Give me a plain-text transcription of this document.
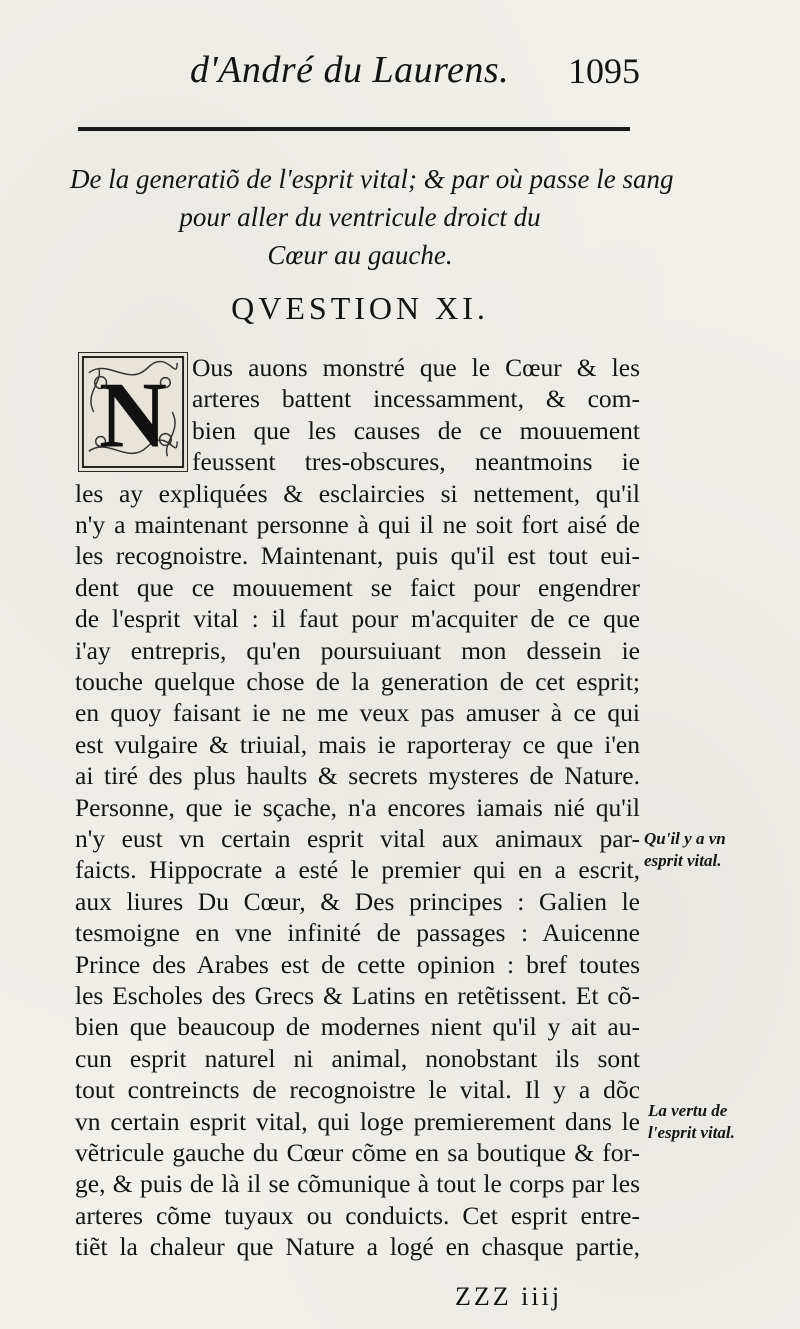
d'André du Laurens. 1095
De la generatiõ de l'esprit vital; & par où passe le sang
pour aller du ventricule droict du
Cœur au gauche.
QVESTION XI.
N Ous auons monstré que le Cœur & les
arteres battent incessamment, & com-
bien que les causes de ce mouuement
feussent tres-obscures, neantmoins ie
les ay expliquées & esclaircies si nettement, qu'il
n'y a maintenant personne à qui il ne soit fort aisé de
les recognoistre. Maintenant, puis qu'il est tout eui-
dent que ce mouuement se faict pour engendrer
de l'esprit vital : il faut pour m'acquiter de ce que
i'ay entrepris, qu'en poursuiuant mon dessein ie
touche quelque chose de la generation de cet esprit;
en quoy faisant ie ne me veux pas amuser à ce qui
est vulgaire & triuial, mais ie raporteray ce que i'en
ai tiré des plus haults & secrets mysteres de Nature.
Personne, que ie sçache, n'a encores iamais nié qu'il
n'y eust vn certain esprit vital aux animaux par-
faicts. Hippocrate a esté le premier qui en a escrit,
aux liures Du Cœur, & Des principes : Galien le
tesmoigne en vne infinité de passages : Auicenne
Prince des Arabes est de cette opinion : bref toutes
les Escholes des Grecs & Latins en retẽtissent. Et cõ-
bien que beaucoup de modernes nient qu'il y ait au-
cun esprit naturel ni animal, nonobstant ils sont
tout contreincts de recognoistre le vital. Il y a dõc
vn certain esprit vital, qui loge premierement dans le
vẽtricule gauche du Cœur cõme en sa boutique & for-
ge, & puis de là il se cõmunique à tout le corps par les
arteres cõme tuyaux ou conduicts. Cet esprit entre-
tiẽt la chaleur que Nature a logé en chasque partie,
Qu'il y a vn
esprit vital.
La vertu de
l'esprit vital.
ZZZ iiij
